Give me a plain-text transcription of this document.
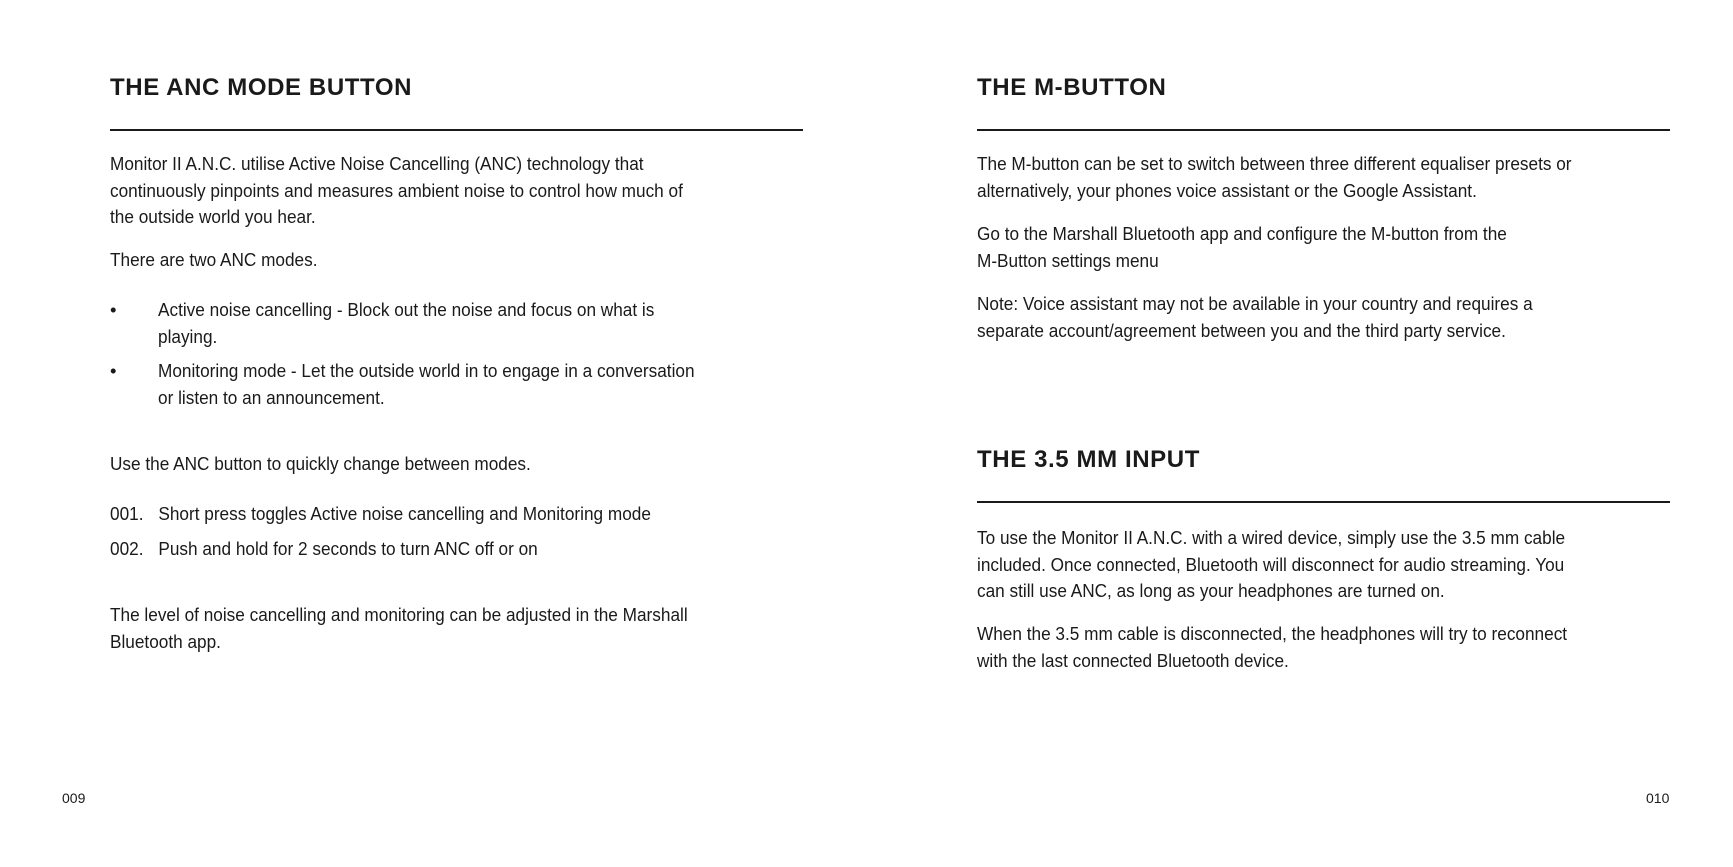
THE ANC MODE BUTTON

Monitor II A.N.C. utilise Active Noise Cancelling (ANC) technology that
continuously pinpoints and measures ambient noise to control how much of
the outside world you hear.

There are two ANC modes.

• Active noise cancelling - Block out the noise and focus on what is
playing.
• Monitoring mode - Let the outside world in to engage in a conversation
or listen to an announcement.

Use the ANC button to quickly change between modes.

001. Short press toggles Active noise cancelling and Monitoring mode
002. Push and hold for 2 seconds to turn ANC off or on

The level of noise cancelling and monitoring can be adjusted in the Marshall
Bluetooth app.

009
THE M-BUTTON

The M-button can be set to switch between three different equaliser presets or
alternatively, your phones voice assistant or the Google Assistant.

Go to the Marshall Bluetooth app and configure the M-button from the
M-Button settings menu

Note: Voice assistant may not be available in your country and requires a
separate account/agreement between you and the third party service.

THE 3.5 MM INPUT

To use the Monitor II A.N.C. with a wired device, simply use the 3.5 mm cable
included. Once connected, Bluetooth will disconnect for audio streaming. You
can still use ANC, as long as your headphones are turned on.

When the 3.5 mm cable is disconnected, the headphones will try to reconnect
with the last connected Bluetooth device.

010
